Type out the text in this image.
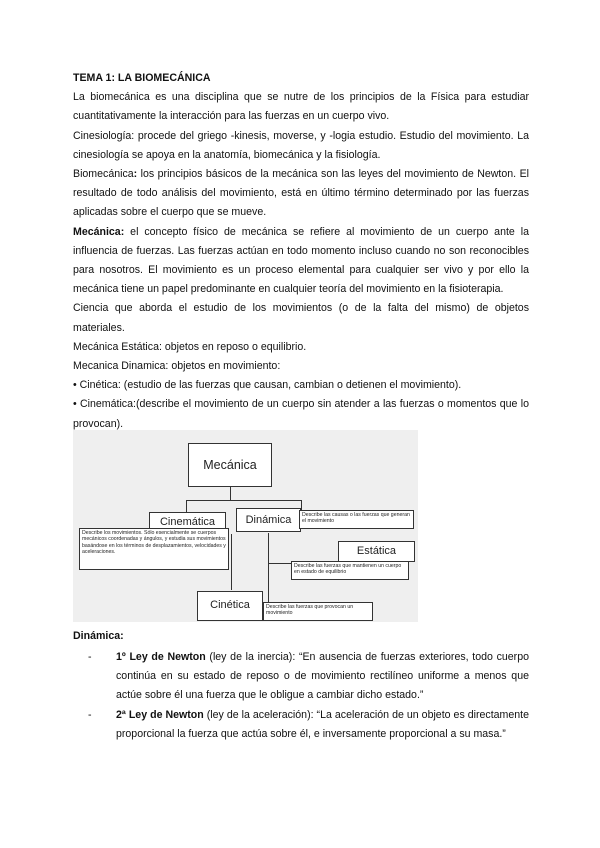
TEMA 1: LA BIOMECÁNICA

La biomecánica es una disciplina que se nutre de los principios de la Física para estudiar cuantitativamente la interacción para las fuerzas en un cuerpo vivo.

Cinesiología: procede del griego -kinesis, moverse, y -logia estudio. Estudio del movimiento. La cinesiología se apoya en la anatomía, biomecánica y la fisiología.

Biomecánica: los principios básicos de la mecánica son las leyes del movimiento de Newton. El resultado de todo análisis del movimiento, está en último término determinado por las fuerzas aplicadas sobre el cuerpo que se mueve.

Mecánica: el concepto físico de mecánica se refiere al movimiento de un cuerpo ante la influencia de fuerzas. Las fuerzas actúan en todo momento incluso cuando no son reconocibles para nosotros. El movimiento es un proceso elemental para cualquier ser vivo y por ello la mecánica tiene un papel predominante en cualquier teoría del movimiento en la fisioterapia.

Ciencia que aborda el estudio de los movimientos (o de la falta del mismo) de objetos materiales.

Mecánica Estática: objetos en reposo o equilibrio.

Mecanica Dinamica: objetos en movimiento:

• Cinética: (estudio de las fuerzas que causan, cambian o detienen el movimiento).

• Cinemática:(describe el movimiento de un cuerpo sin atender a las fuerzas o momentos que lo provocan).

Mecánica
Cinemática
Describe los movimientos. Sólo esencialmente se cuerpos mecánicos coordenadas y ángulos, y estudia sus movimientos basándose en los términos de desplazamientos, velocidades y aceleraciones.
Dinámica	Describe las causas o las fuerzas que generan el movimiento
Estática
Describe las fuerzas que mantienen un cuerpo en estado de equilibrio
Cinética	Describe las fuerzas que provocan un movimiento
Dinámica:
- 1º Ley de Newton (ley de la inercia): “En ausencia de fuerzas exteriores, todo cuerpo continúa en su estado de reposo o de movimiento rectilíneo uniforme a menos que actúe sobre él una fuerza que le obligue a cambiar dicho estado.”
- 2ª Ley de Newton (ley de la aceleración): “La aceleración de un objeto es directamente proporcional la fuerza que actúa sobre él, e inversamente proporcional a su masa.”
